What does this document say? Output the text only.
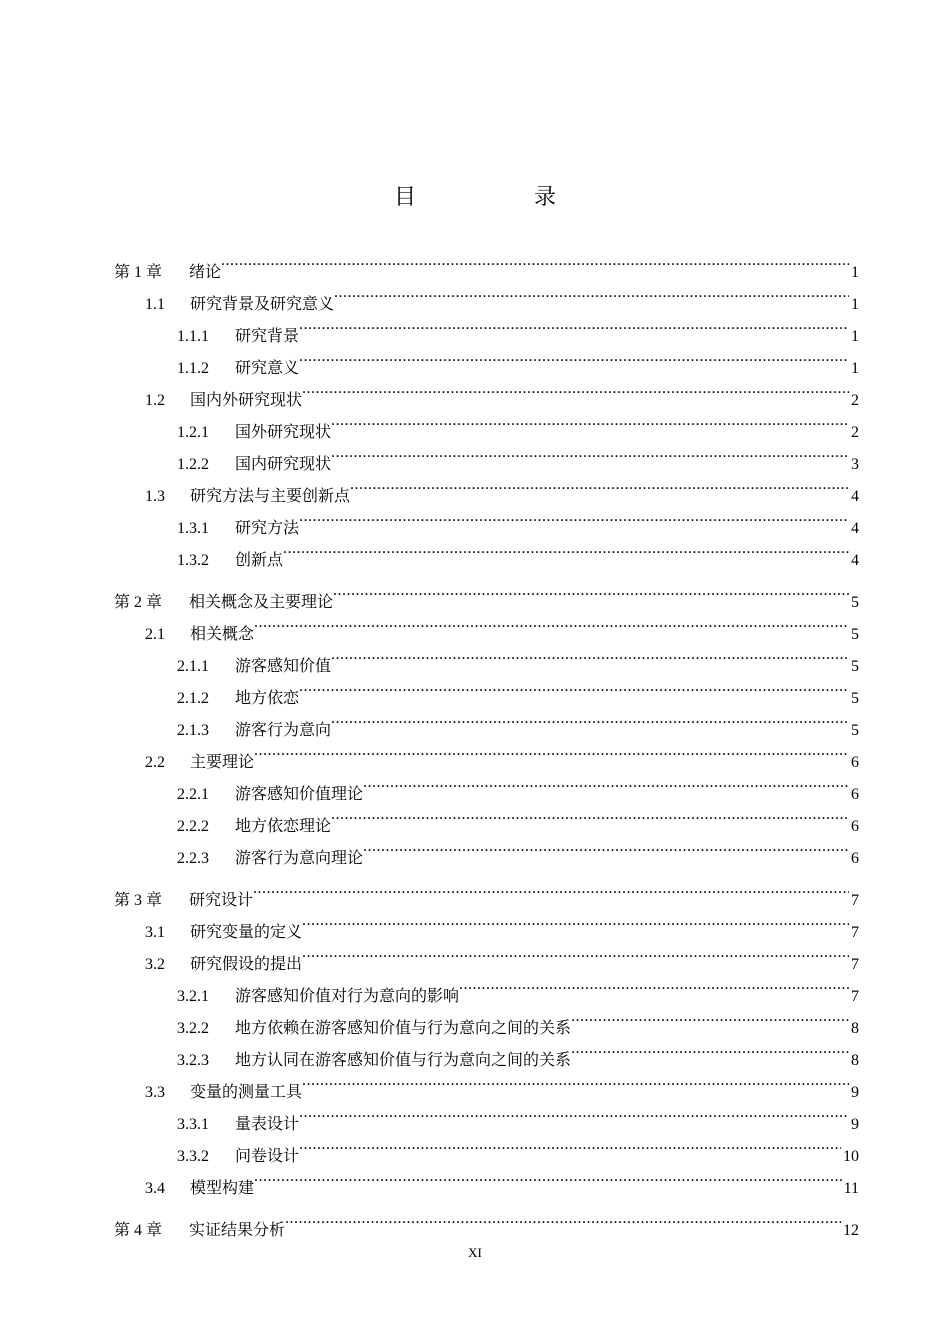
目　录
第 1 章	绪论 .....	1
1.1	研究背景及研究意义 .....	1
1.1.1	研究背景 .....	1
1.1.2	研究意义 .....	1
1.2	国内外研究现状 .....	2
1.2.1	国外研究现状 .....	2
1.2.2	国内研究现状 .....	3
1.3	研究方法与主要创新点 .....	4
1.3.1	研究方法 .....	4
1.3.2	创新点 .....	4
第 2 章	相关概念及主要理论 .....	5
2.1	相关概念 .....	5
2.1.1	游客感知价值 .....	5
2.1.2	地方依恋 .....	5
2.1.3	游客行为意向 .....	5
2.2	主要理论 .....	6
2.2.1	游客感知价值理论 .....	6
2.2.2	地方依恋理论 .....	6
2.2.3	游客行为意向理论 .....	6
第 3 章	研究设计 .....	7
3.1	研究变量的定义 .....	7
3.2	研究假设的提出 .....	7
3.2.1	游客感知价值对行为意向的影响 .....	7
3.2.2	地方依赖在游客感知价值与行为意向之间的关系 .....	8
3.2.3	地方认同在游客感知价值与行为意向之间的关系 .....	8
3.3	变量的测量工具 .....	9
3.3.1	量表设计 .....	9
3.3.2	问卷设计 .....	10
3.4	模型构建 .....	11
第 4 章	实证结果分析 .....	12
XI
